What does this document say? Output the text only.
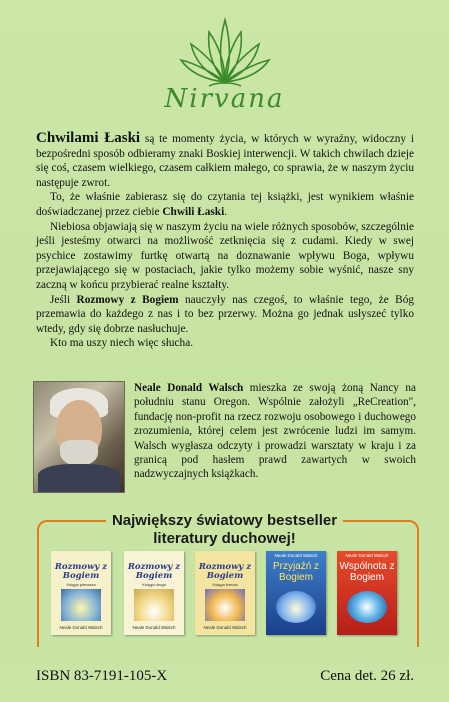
Nirvana

Chwilami Łaski są te momenty życia, w których w wyraźny, widoczny i bezpośredni sposób odbieramy znaki Boskiej interwencji. W takich chwilach dzieje się coś, czasem wielkiego, czasem całkiem małego, co sprawia, że w naszym życiu następuje zwrot.

To, że właśnie zabierasz się do czytania tej książki, jest wynikiem właśnie doświadczanej przez ciebie Chwili Łaski.

Niebiosa objawiają się w naszym życiu na wiele różnych sposobów, szczególnie jeśli jesteśmy otwarci na możliwość zetknięcia się z cudami. Kiedy w swej psychice zostawimy furtkę otwartą na doznawanie wpływu Boga, wpływu przejawiającego się w postaciach, jakie tylko możemy sobie wyśnić, nasze sny zaczną w końcu przybierać realne kształty.

Jeśli Rozmowy z Bogiem nauczyły nas czegoś, to właśnie tego, że Bóg przemawia do każdego z nas i to bez przerwy. Można go jednak usłyszeć tylko wtedy, gdy się dobrze nasłuchuje.

Kto ma uszy niech więc słucha.

Neale Donald Walsch mieszka ze swoją żoną Nancy na południu stanu Oregon. Wspólnie założyli „ReCreation", fundację non-profit na rzecz rozwoju osobowego i duchowego zrozumienia, której celem jest zwrócenie ludzi im samym. Walsch wygłasza odczyty i prowadzi warsztaty w kraju i za granicą pod hasłem prawd zawartych w swoich nadzwyczajnych książkach.

Największy światowy bestseller
literatury duchowej!
Rozmowy z Bogiem
Księga pierwsza
Neale Donald Walsch
Rozmowy z Bogiem
Księga druga
Neale Donald Walsch
Rozmowy z Bogiem
Księga trzecia
Neale Donald Walsch
Neale Donald Walsch
Przyjaźń z Bogiem
Neale Donald Walsch
Wspólnota z Bogiem
ISBN 83-7191-105-X	Cena det. 26 zł.
